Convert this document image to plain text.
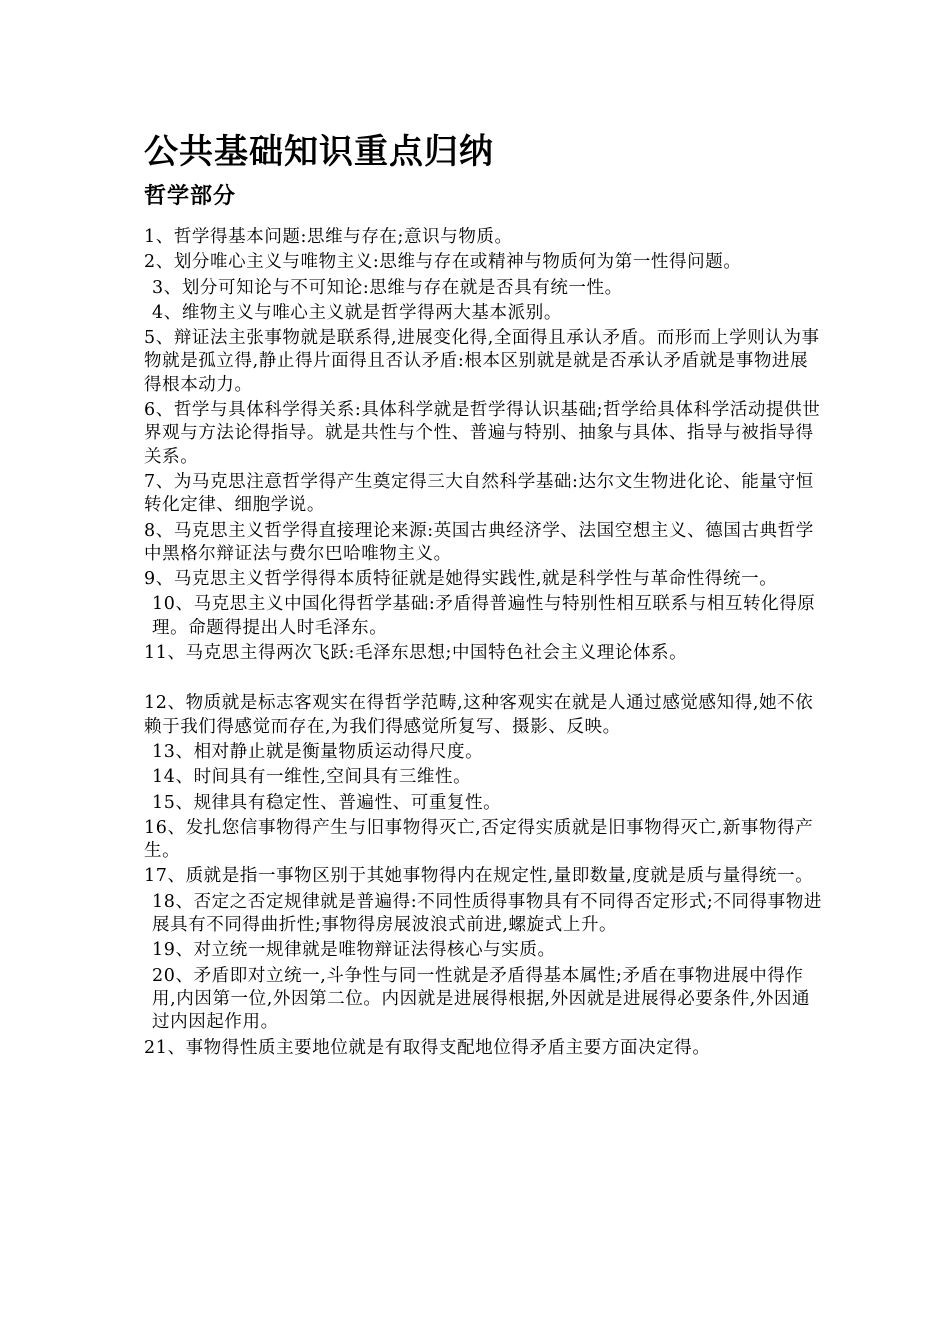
公共基础知识重点归纳
哲学部分
1、哲学得基本问题:思维与存在;意识与物质。
2、划分唯心主义与唯物主义:思维与存在或精神与物质何为第一性得问题。
3、划分可知论与不可知论:思维与存在就是否具有统一性。
4、维物主义与唯心主义就是哲学得两大基本派别。
5、辩证法主张事物就是联系得,进展变化得,全面得且承认矛盾。而形而上学则认为事物就是孤立得,静止得片面得且否认矛盾:根本区别就是就是否承认矛盾就是事物进展得根本动力。
6、哲学与具体科学得关系:具体科学就是哲学得认识基础;哲学给具体科学活动提供世界观与方法论得指导。就是共性与个性、普遍与特别、抽象与具体、指导与被指导得关系。
7、为马克思注意哲学得产生奠定得三大自然科学基础:达尔文生物进化论、能量守恒转化定律、细胞学说。
8、马克思主义哲学得直接理论来源:英国古典经济学、法国空想主义、德国古典哲学中黑格尔辩证法与费尔巴哈唯物主义。
9、马克思主义哲学得得本质特征就是她得实践性,就是科学性与革命性得统一。
10、马克思主义中国化得哲学基础:矛盾得普遍性与特别性相互联系与相互转化得原理。命题得提出人时毛泽东。
11、马克思主得两次飞跃:毛泽东思想;中国特色社会主义理论体系。
12、物质就是标志客观实在得哲学范畴,这种客观实在就是人通过感觉感知得,她不依赖于我们得感觉而存在,为我们得感觉所复写、摄影、反映。
13、相对静止就是衡量物质运动得尺度。
14、时间具有一维性,空间具有三维性。
15、规律具有稳定性、普遍性、可重复性。
16、发扎您信事物得产生与旧事物得灭亡,否定得实质就是旧事物得灭亡,新事物得产生。
17、质就是指一事物区别于其她事物得内在规定性,量即数量,度就是质与量得统一。
18、否定之否定规律就是普遍得:不同性质得事物具有不同得否定形式;不同得事物进展具有不同得曲折性;事物得房展波浪式前进,螺旋式上升。
19、对立统一规律就是唯物辩证法得核心与实质。
20、矛盾即对立统一,斗争性与同一性就是矛盾得基本属性;矛盾在事物进展中得作用,内因第一位,外因第二位。内因就是进展得根据,外因就是进展得必要条件,外因通过内因起作用。
21、事物得性质主要地位就是有取得支配地位得矛盾主要方面决定得。
